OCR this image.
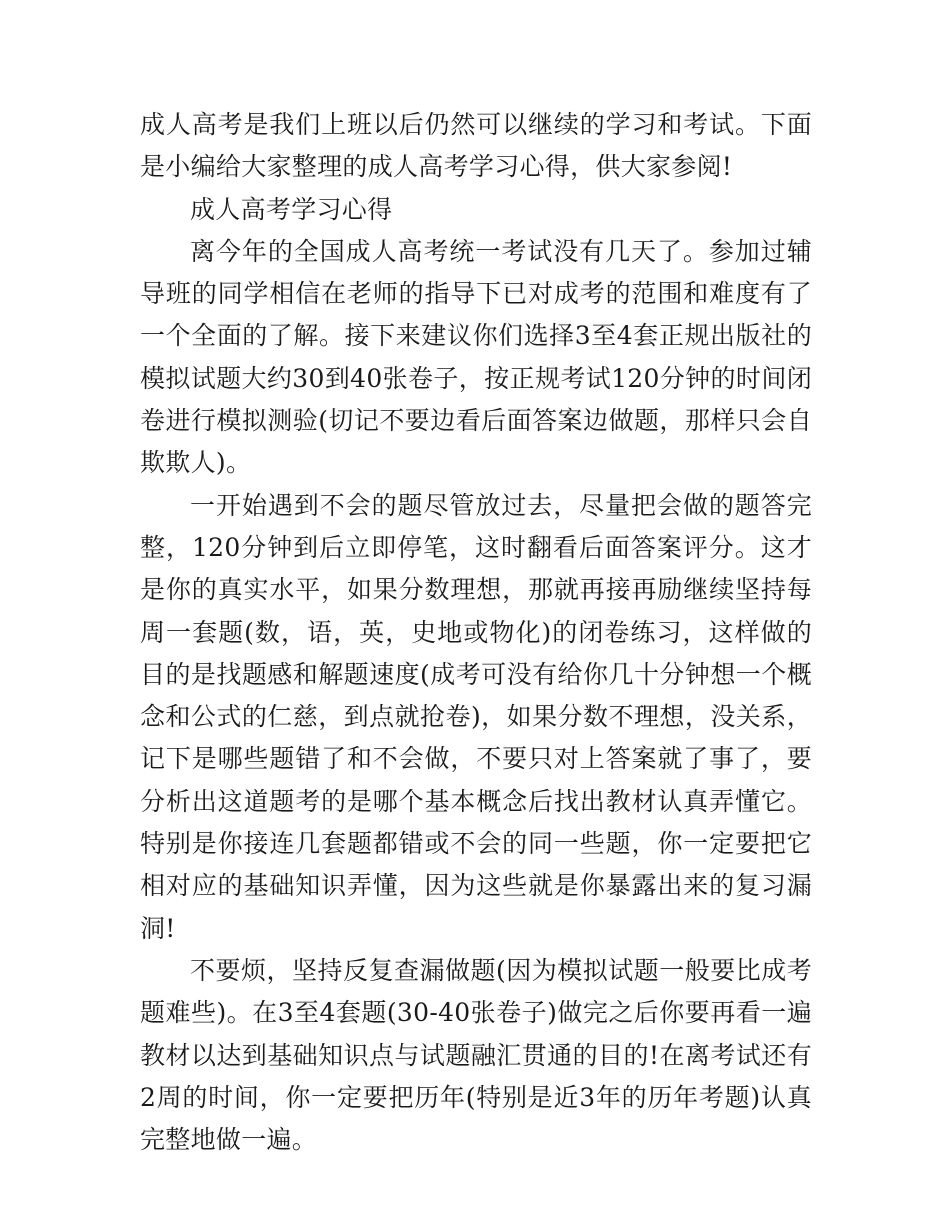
成人高考是我们上班以后仍然可以继续的学习和考试。下面是小编给大家整理的成人高考学习心得，供大家参阅!

成人高考学习心得

离今年的全国成人高考统一考试没有几天了。参加过辅导班的同学相信在老师的指导下已对成考的范围和难度有了一个全面的了解。接下来建议你们选择3至4套正规出版社的模拟试题大约30到40张卷子，按正规考试120分钟的时间闭卷进行模拟测验(切记不要边看后面答案边做题，那样只会自欺欺人)。

一开始遇到不会的题尽管放过去，尽量把会做的题答完整，120分钟到后立即停笔，这时翻看后面答案评分。这才是你的真实水平，如果分数理想，那就再接再励继续坚持每周一套题(数，语，英，史地或物化)的闭卷练习，这样做的目的是找题感和解题速度(成考可没有给你几十分钟想一个概念和公式的仁慈，到点就抢卷)，如果分数不理想，没关系，记下是哪些题错了和不会做，不要只对上答案就了事了，要分析出这道题考的是哪个基本概念后找出教材认真弄懂它。特别是你接连几套题都错或不会的同一些题，你一定要把它相对应的基础知识弄懂，因为这些就是你暴露出来的复习漏洞!

不要烦，坚持反复查漏做题(因为模拟试题一般要比成考题难些)。在3至4套题(30-40张卷子)做完之后你要再看一遍教材以达到基础知识点与试题融汇贯通的目的!在离考试还有2周的时间，你一定要把历年(特别是近3年的历年考题)认真完整地做一遍。
